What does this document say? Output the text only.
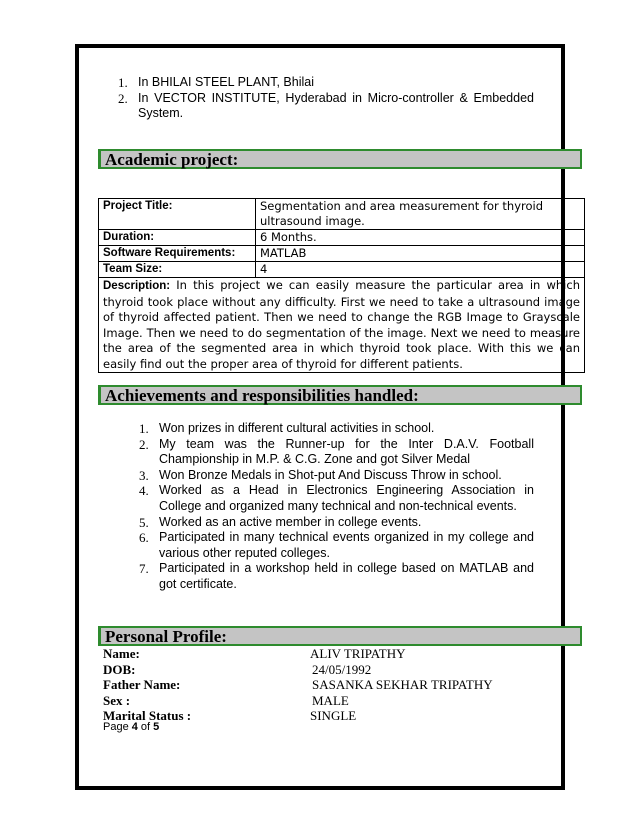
1. In BHILAI STEEL PLANT, Bhilai
2. In VECTOR INSTITUTE, Hyderabad in Micro-controller & Embedded System.
Academic project:
Project Title:	Segmentation and area measurement for thyroid ultrasound image.
Duration:	6 Months.
Software Requirements:	MATLAB
Team Size:	4
Description: In this project we can easily measure the particular area in which thyroid took place without any difficulty. First we need to take a ultrasound image of thyroid affected patient. Then we need to change the RGB Image to Grayscale Image. Then we need to do segmentation of the image. Next we need to measure the area of the segmented area in which thyroid took place. With this we can easily find out the proper area of thyroid for different patients.	
Achievements and responsibilities handled:
1. Won prizes in different cultural activities in school.
2. My team was the Runner-up for the Inter D.A.V. Football Championship in M.P. & C.G. Zone and got Silver Medal
3. Won Bronze Medals in Shot-put And Discuss Throw in school.
4. Worked as a Head in Electronics Engineering Association in College and organized many technical and non-technical events.
5. Worked as an active member in college events.
6. Participated in many technical events organized in my college and various other reputed colleges.
7. Participated in a workshop held in college based on MATLAB and got certificate.
Personal Profile:
Name:	ALIV TRIPATHY
DOB:	24/05/1992
Father Name:	SASANKA SEKHAR TRIPATHY
Sex :	MALE
Marital Status :	SINGLE
Page 4 of 5
